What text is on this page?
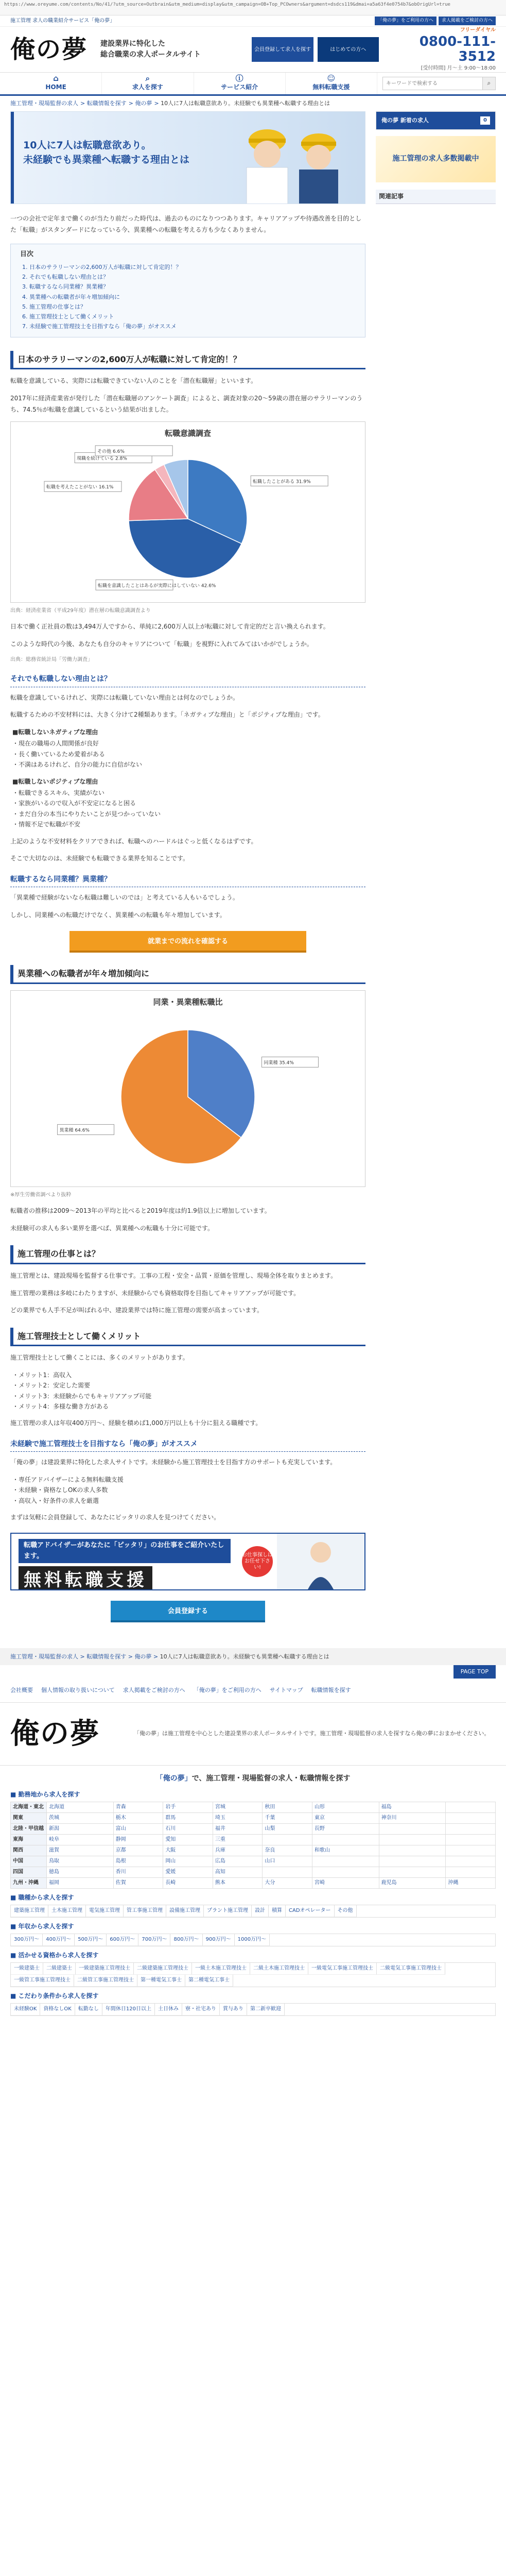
https://www.oreyume.com/contents/No/41/?utm_source=Outbrain&utm_medium=display&utm_campaign=OB+Top_PCOwners&argument=dsdcs119&dmai=a5a63f4e0754b7&obOrigUrl=true
施工管理 求人の職業紹介サービス「俺の夢」	「俺の夢」をご利用の方へ	求人掲載をご検討の方へ
俺の夢	建設業界に特化した
総合職業の求人ポータルサイト
会員登録して求人を探す	はじめての方へ
フリーダイヤル
0800-111-3512
[受付時間] 月〜土 9:00〜18:00
⌂
HOME
⌕
求人を探す
ⓘ
サービス紹介
☺
無料転職支援
キーワードで検索する
⌕
施工管理・現場監督の求人 > 転職情報を探す > 俺の夢 > 10人に7人は転職意欲あり。未経験でも異業種へ転職する理由とは
10人に7人は転職意欲あり。
未経験でも異業種へ転職する理由とは

一つの会社で定年まで働くのが当たり前だった時代は、過去のものになりつつあります。キャリアアップや待遇改善を目的とした「転職」がスタンダードになっている今、異業種への転職を考える方も少なくありません。

目次
1. 日本のサラリーマンの2,600万人が転職に対して肯定的！？
2. それでも転職しない理由とは？
3. 転職するなら同業種？異業種？
4. 異業種への転職者が年々増加傾向に
5. 施工管理の仕事とは？
6. 施工管理技士として働くメリット
7. 未経験で施工管理技士を目指すなら「俺の夢」がオススメ
日本のサラリーマンの2,600万人が転職に対して肯定的！？

転職を意識している、実際には転職できていない人のことを「潜在転職層」といいます。

2017年に経済産業省が発行した「潜在転職層のアンケート調査」によると、調査対象の20〜59歳の潜在層のサラリーマンのうち、74.5％が転職を意識しているという結果が出ました。

転職意識調査
転職したことがある 31.9%
転職を意識したことはあるが実際にはしていない 42.6%
転職を考えたことがない 16.1%
現職を続けている 2.8%
その他 6.6%

出典：経済産業省（平成29年度）潜在層の転職意識調査より

日本で働く正社員の数は3,494万人ですから、単純に2,600万人以上が転職に対して肯定的だと言い換えられます。

このような時代の今後、あなたも自分のキャリアについて「転職」を視野に入れてみてはいかがでしょうか。

出典：総務省統計局「労働力調査」

それでも転職しない理由とは？

転職を意識しているけれど、実際には転職していない理由とは何なのでしょうか。

転職するための不安材料には、大きく分けて2種類あります。「ネガティブな理由」と「ポジティブな理由」です。

■転職しないネガティブな理由
・現在の職場の人間関係が良好
・長く働いているため愛着がある
・不満はあるけれど、自分の能力に自信がない
■転職しないポジティブな理由
・転職できるスキル、実績がない
・家族がいるので収入が不安定になると困る
・まだ自分の本当にやりたいことが見つかっていない
・情報不足で転職が不安

上記のような不安材料をクリアできれば、転職へのハードルはぐっと低くなるはずです。

そこで大切なのは、未経験でも転職できる業界を知ることです。

転職するなら同業種？異業種？

「異業種で経験がないなら転職は難しいのでは」と考えている人もいるでしょう。

しかし、同業種への転職だけでなく、異業種への転職も年々増加しています。

就業までの流れを確認する
異業種への転職者が年々増加傾向に
同業・異業種転職比
同業種 35.4%
異業種 64.6%

※厚生労働省調べより抜粋

転職者の推移は2009〜2013年の平均と比べると2019年度は約1.9倍以上に増加しています。

未経験可の求人も多い業界を選べば、異業種への転職も十分に可能です。

施工管理の仕事とは？

施工管理とは、建設現場を監督する仕事です。工事の工程・安全・品質・原価を管理し、現場全体を取りまとめます。

施工管理の業務は多岐にわたりますが、未経験からでも資格取得を目指してキャリアアップが可能です。

どの業界でも人手不足が叫ばれる中、建設業界では特に施工管理の需要が高まっています。

施工管理技士として働くメリット

施工管理技士として働くことには、多くのメリットがあります。

・メリット1：高収入
・メリット2：安定した需要
・メリット3：未経験からでもキャリアアップ可能
・メリット4：多様な働き方がある

施工管理の求人は年収400万円〜、経験を積めば1,000万円以上も十分に狙える職種です。

未経験で施工管理技士を目指すなら「俺の夢」がオススメ

「俺の夢」は建設業界に特化した求人サイトです。未経験から施工管理技士を目指す方のサポートも充実しています。

・専任アドバイザーによる無料転職支援
・未経験・資格なしOKの求人多数
・高収入・好条件の求人を厳選

まずは気軽に会員登録して、あなたにピッタリの求人を見つけてください。

転職アドバイザーがあなたに「ピッタリ」のお仕事をご紹介いたします。 無料転職支援
お仕事探しはお任せ下さい!
会員登録する
俺の夢 新着の求人	0
施工管理の求人多数掲載中
関連記事
施工管理・現場監督の求人 > 転職情報を探す > 俺の夢 > 10人に7人は転職意欲あり。未経験でも異業種へ転職する理由とは
PAGE TOP
会社概要 個人情報の取り扱いについて 求人掲載をご検討の方へ 「俺の夢」をご利用の方へ サイトマップ 転職情報を探す
俺の夢	「俺の夢」は施工管理を中心とした建設業界の求人ポータルサイトです。施工管理・現場監督の求人を探すなら俺の夢におまかせください。
「俺の夢」で、施工管理・現場監督の求人・転職情報を探す
■ 勤務地から求人を探す
北海道・東北	北海道	青森	岩手	宮城	秋田	山形	福島	
関東	茨城	栃木	群馬	埼玉	千葉	東京	神奈川	
北陸・甲信越	新潟	富山	石川	福井	山梨	長野		
東海	岐阜	静岡	愛知	三重				
関西	滋賀	京都	大阪	兵庫	奈良	和歌山		
中国	鳥取	島根	岡山	広島	山口			
四国	徳島	香川	愛媛	高知				
九州・沖縄	福岡	佐賀	長崎	熊本	大分	宮崎	鹿児島	沖縄
■ 職種から求人を探す
建築施工管理	土木施工管理	電気施工管理	管工事施工管理	設備施工管理	プラント施工管理	設計	積算	CADオペレーター	その他
■ 年収から求人を探す
300万円〜	400万円〜	500万円〜	600万円〜	700万円〜	800万円〜	900万円〜	1000万円〜
■ 活かせる資格から求人を探す
一級建築士	二級建築士	一級建築施工管理技士	二級建築施工管理技士	一級土木施工管理技士	二級土木施工管理技士	一級電気工事施工管理技士	二級電気工事施工管理技士
一級管工事施工管理技士	二級管工事施工管理技士	第一種電気工事士	第二種電気工事士
■ こだわり条件から求人を探す
未経験OK	資格なしOK	転勤なし	年間休日120日以上	土日休み	寮・社宅あり	賞与あり	第二新卒歓迎
